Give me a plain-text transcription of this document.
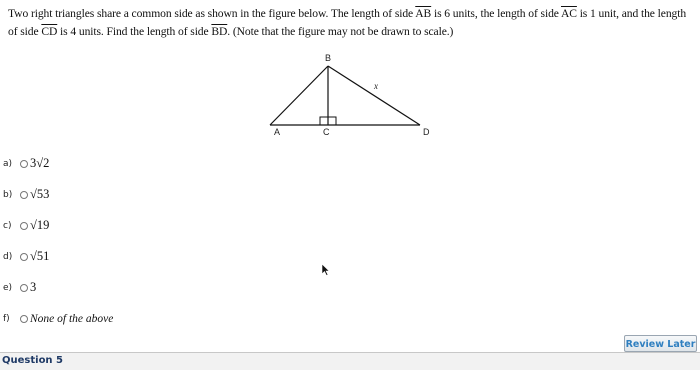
Two right triangles share a common side as shown in the figure below. The length of side $\overline{AB}$ is 6 units, the length of side $\overline{AC}$ is 1 unit, and the length of side $\overline{CD}$ is 4 units. Find the length of side $\overline{BD}$. (Note that the figure may not be drawn to scale.)
B
x
A	C	D
a)	3√2
b)	√53
c)	√19
d)	√51
e)	3
f)	None of the above
Review Later
Question 5
